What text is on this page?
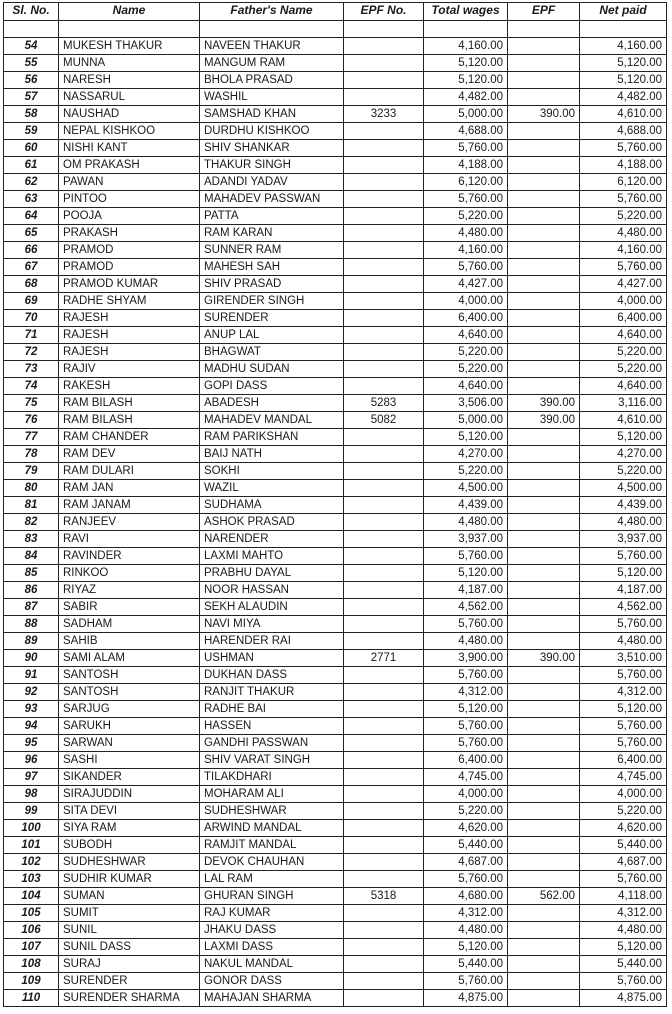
Sl. No.	Name	Father's Name	EPF No.	Total wages	EPF	Net paid

54	MUKESH THAKUR	NAVEEN THAKUR		4,160.00		4,160.00
55	MUNNA	MANGUM RAM		5,120.00		5,120.00
56	NARESH	BHOLA PRASAD		5,120.00		5,120.00
57	NASSARUL	WASHIL		4,482.00		4,482.00
58	NAUSHAD	SAMSHAD KHAN	3233	5,000.00	390.00	4,610.00
59	NEPAL KISHKOO	DURDHU KISHKOO		4,688.00		4,688.00
60	NISHI KANT	SHIV SHANKAR		5,760.00		5,760.00
61	OM PRAKASH	THAKUR SINGH		4,188.00		4,188.00
62	PAWAN	ADANDI YADAV		6,120.00		6,120.00
63	PINTOO	MAHADEV PASSWAN		5,760.00		5,760.00
64	POOJA	PATTA		5,220.00		5,220.00
65	PRAKASH	RAM KARAN		4,480.00		4,480.00
66	PRAMOD	SUNNER RAM		4,160.00		4,160.00
67	PRAMOD	MAHESH SAH		5,760.00		5,760.00
68	PRAMOD KUMAR	SHIV PRASAD		4,427.00		4,427.00
69	RADHE SHYAM	GIRENDER SINGH		4,000.00		4,000.00
70	RAJESH	SURENDER		6,400.00		6,400.00
71	RAJESH	ANUP LAL		4,640.00		4,640.00
72	RAJESH	BHAGWAT		5,220.00		5,220.00
73	RAJIV	MADHU SUDAN		5,220.00		5,220.00
74	RAKESH	GOPI DASS		4,640.00		4,640.00
75	RAM BILASH	ABADESH	5283	3,506.00	390.00	3,116.00
76	RAM BILASH	MAHADEV MANDAL	5082	5,000.00	390.00	4,610.00
77	RAM CHANDER	RAM PARIKSHAN		5,120.00		5,120.00
78	RAM DEV	BAIJ NATH		4,270.00		4,270.00
79	RAM DULARI	SOKHI		5,220.00		5,220.00
80	RAM JAN	WAZIL		4,500.00		4,500.00
81	RAM JANAM	SUDHAMA		4,439.00		4,439.00
82	RANJEEV	ASHOK PRASAD		4,480.00		4,480.00
83	RAVI	NARENDER		3,937.00		3,937.00
84	RAVINDER	LAXMI MAHTO		5,760.00		5,760.00
85	RINKOO	PRABHU DAYAL		5,120.00		5,120.00
86	RIYAZ	NOOR HASSAN		4,187.00		4,187.00
87	SABIR	SEKH ALAUDIN		4,562.00		4,562.00
88	SADHAM	NAVI MIYA		5,760.00		5,760.00
89	SAHIB	HARENDER RAI		4,480.00		4,480.00
90	SAMI ALAM	USHMAN	2771	3,900.00	390.00	3,510.00
91	SANTOSH	DUKHAN DASS		5,760.00		5,760.00
92	SANTOSH	RANJIT THAKUR		4,312.00		4,312.00
93	SARJUG	RADHE BAI		5,120.00		5,120.00
94	SARUKH	HASSEN		5,760.00		5,760.00
95	SARWAN	GANDHI PASSWAN		5,760.00		5,760.00
96	SASHI	SHIV VARAT SINGH		6,400.00		6,400.00
97	SIKANDER	TILAKDHARI		4,745.00		4,745.00
98	SIRAJUDDIN	MOHARAM ALI		4,000.00		4,000.00
99	SITA DEVI	SUDHESHWAR		5,220.00		5,220.00
100	SIYA RAM	ARWIND MANDAL		4,620.00		4,620.00
101	SUBODH	RAMJIT MANDAL		5,440.00		5,440.00
102	SUDHESHWAR	DEVOK CHAUHAN		4,687.00		4,687.00
103	SUDHIR KUMAR	LAL RAM		5,760.00		5,760.00
104	SUMAN	GHURAN SINGH	5318	4,680.00	562.00	4,118.00
105	SUMIT	RAJ KUMAR		4,312.00		4,312.00
106	SUNIL	JHAKU DASS		4,480.00		4,480.00
107	SUNIL DASS	LAXMI DASS		5,120.00		5,120.00
108	SURAJ	NAKUL MANDAL		5,440.00		5,440.00
109	SURENDER	GONOR DASS		5,760.00		5,760.00
110	SURENDER SHARMA	MAHAJAN SHARMA		4,875.00		4,875.00
